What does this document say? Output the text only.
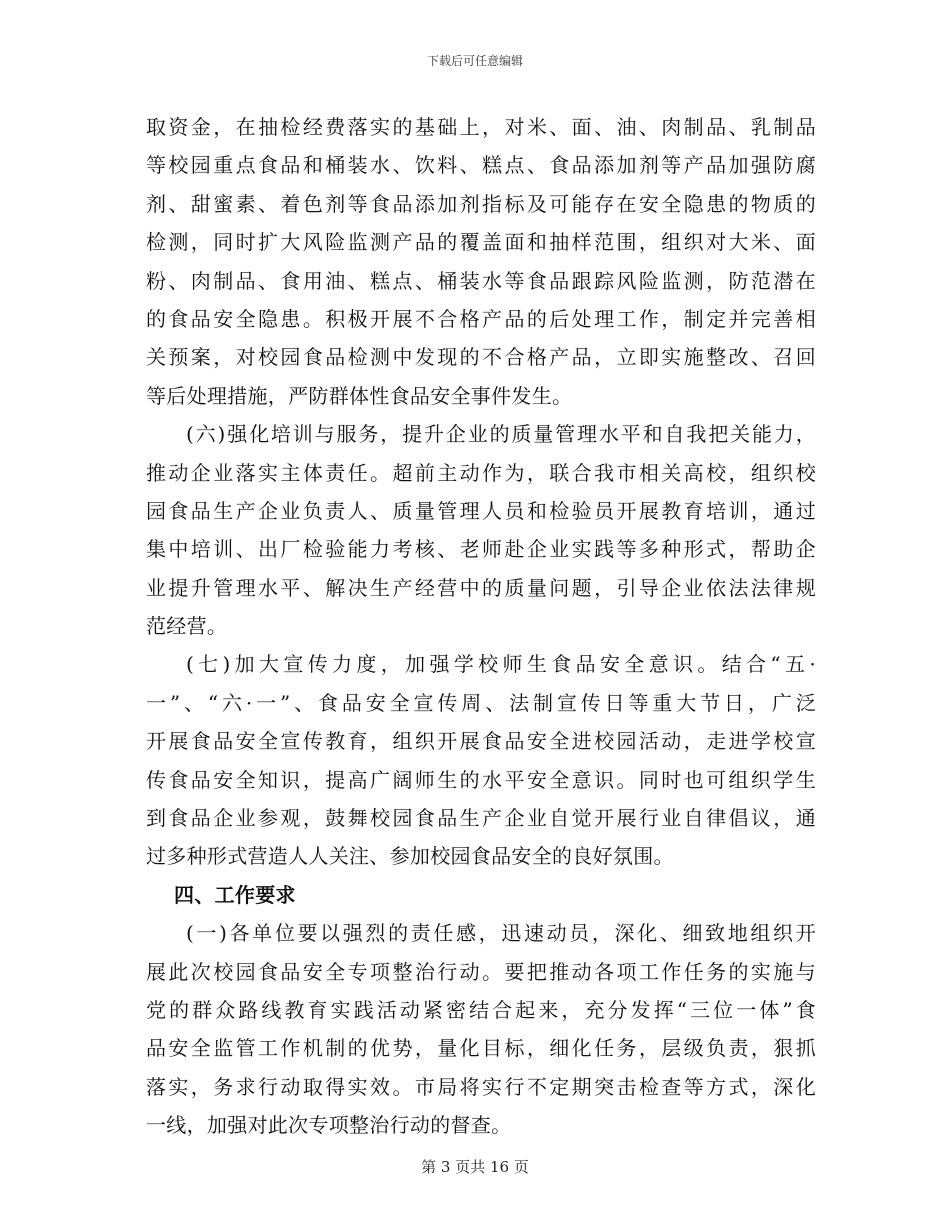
下载后可任意编辑
取资金，在抽检经费落实的基础上，对米、面、油、肉制品、乳制品
等校园重点食品和桶装水、饮料、糕点、食品添加剂等产品加强防腐
剂、甜蜜素、着色剂等食品添加剂指标及可能存在安全隐患的物质的
检测，同时扩大风险监测产品的覆盖面和抽样范围，组织对大米、面
粉、肉制品、食用油、糕点、桶装水等食品跟踪风险监测，防范潜在
的食品安全隐患。积极开展不合格产品的后处理工作，制定并完善相
关预案，对校园食品检测中发现的不合格产品，立即实施整改、召回
等后处理措施，严防群体性食品安全事件发生。
(六)强化培训与服务，提升企业的质量管理水平和自我把关能力，
推动企业落实主体责任。超前主动作为，联合我市相关高校，组织校
园食品生产企业负责人、质量管理人员和检验员开展教育培训，通过
集中培训、出厂检验能力考核、老师赴企业实践等多种形式，帮助企
业提升管理水平、解决生产经营中的质量问题，引导企业依法法律规
范经营。
(七)加大宣传力度，加强学校师生食品安全意识。结合“五·
一”、“六·一”、食品安全宣传周、法制宣传日等重大节日，广泛
开展食品安全宣传教育，组织开展食品安全进校园活动，走进学校宣
传食品安全知识，提高广阔师生的水平安全意识。同时也可组织学生
到食品企业参观，鼓舞校园食品生产企业自觉开展行业自律倡议，通
过多种形式营造人人关注、参加校园食品安全的良好氛围。
四、工作要求
(一)各单位要以强烈的责任感，迅速动员，深化、细致地组织开
展此次校园食品安全专项整治行动。要把推动各项工作任务的实施与
党的群众路线教育实践活动紧密结合起来，充分发挥“三位一体”食
品安全监管工作机制的优势，量化目标，细化任务，层级负责，狠抓
落实，务求行动取得实效。市局将实行不定期突击检查等方式，深化
一线，加强对此次专项整治行动的督查。
第 3 页共 16 页
